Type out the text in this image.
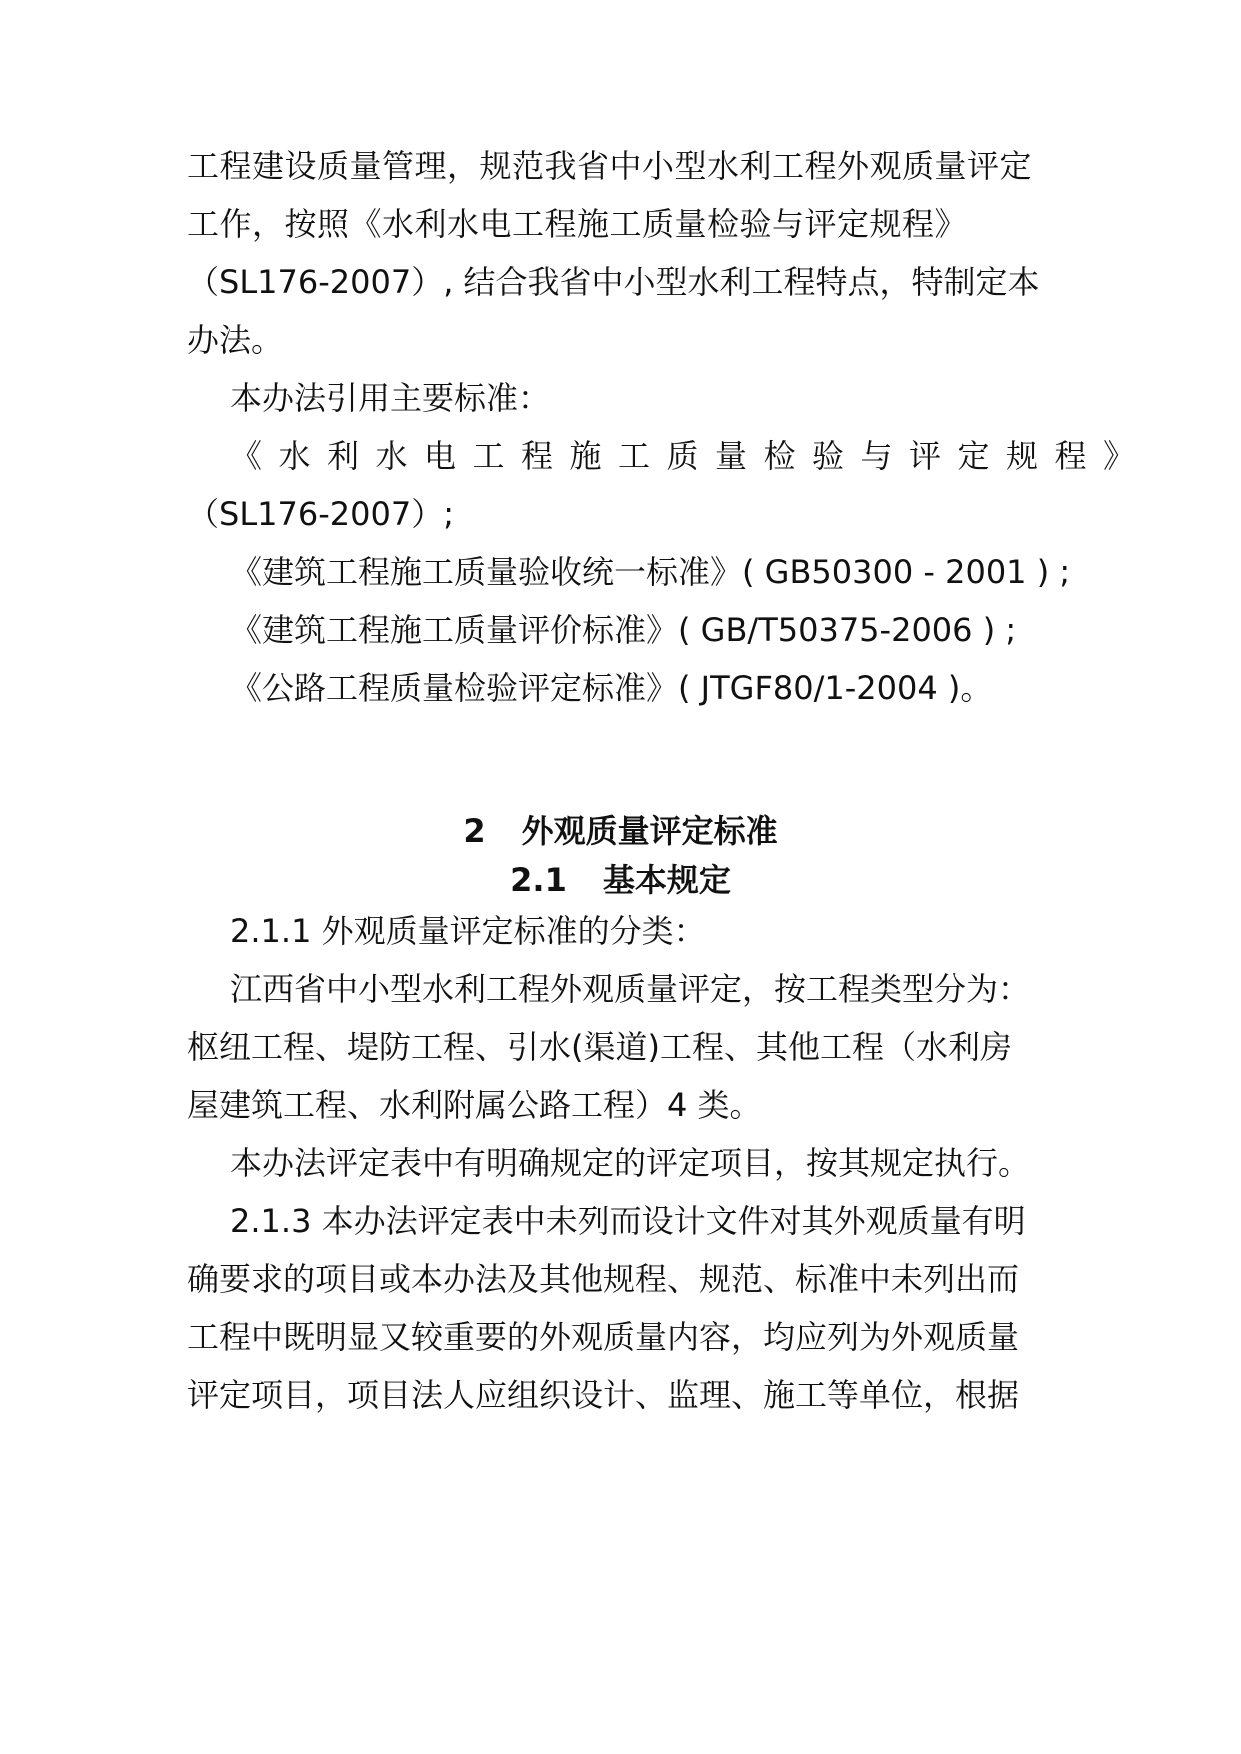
工程建设质量管理，规范我省中小型水利工程外观质量评定
工作，按照《水利水电工程施工质量检验与评定规程》
（SL176-2007）, 结合我省中小型水利工程特点，特制定本
办法。
本办法引用主要标准：
《水利水电工程施工质量检验与评定规程》
（SL176-2007）;
《建筑工程施工质量验收统一标准》( GB50300 - 2001 ) ;
《建筑工程施工质量评价标准》( GB/T50375-2006 ) ;
《公路工程质量检验评定标准》( JTGF80/1-2004 )。
2 外观质量评定标准
2.1 基本规定
2.1.1 外观质量评定标准的分类：
江西省中小型水利工程外观质量评定，按工程类型分为：
枢纽工程、堤防工程、引水(渠道)工程、其他工程（水利房
屋建筑工程、水利附属公路工程）4 类。
本办法评定表中有明确规定的评定项目，按其规定执行。
2.1.3 本办法评定表中未列而设计文件对其外观质量有明
确要求的项目或本办法及其他规程、规范、标准中未列出而
工程中既明显又较重要的外观质量内容，均应列为外观质量
评定项目，项目法人应组织设计、监理、施工等单位，根据
